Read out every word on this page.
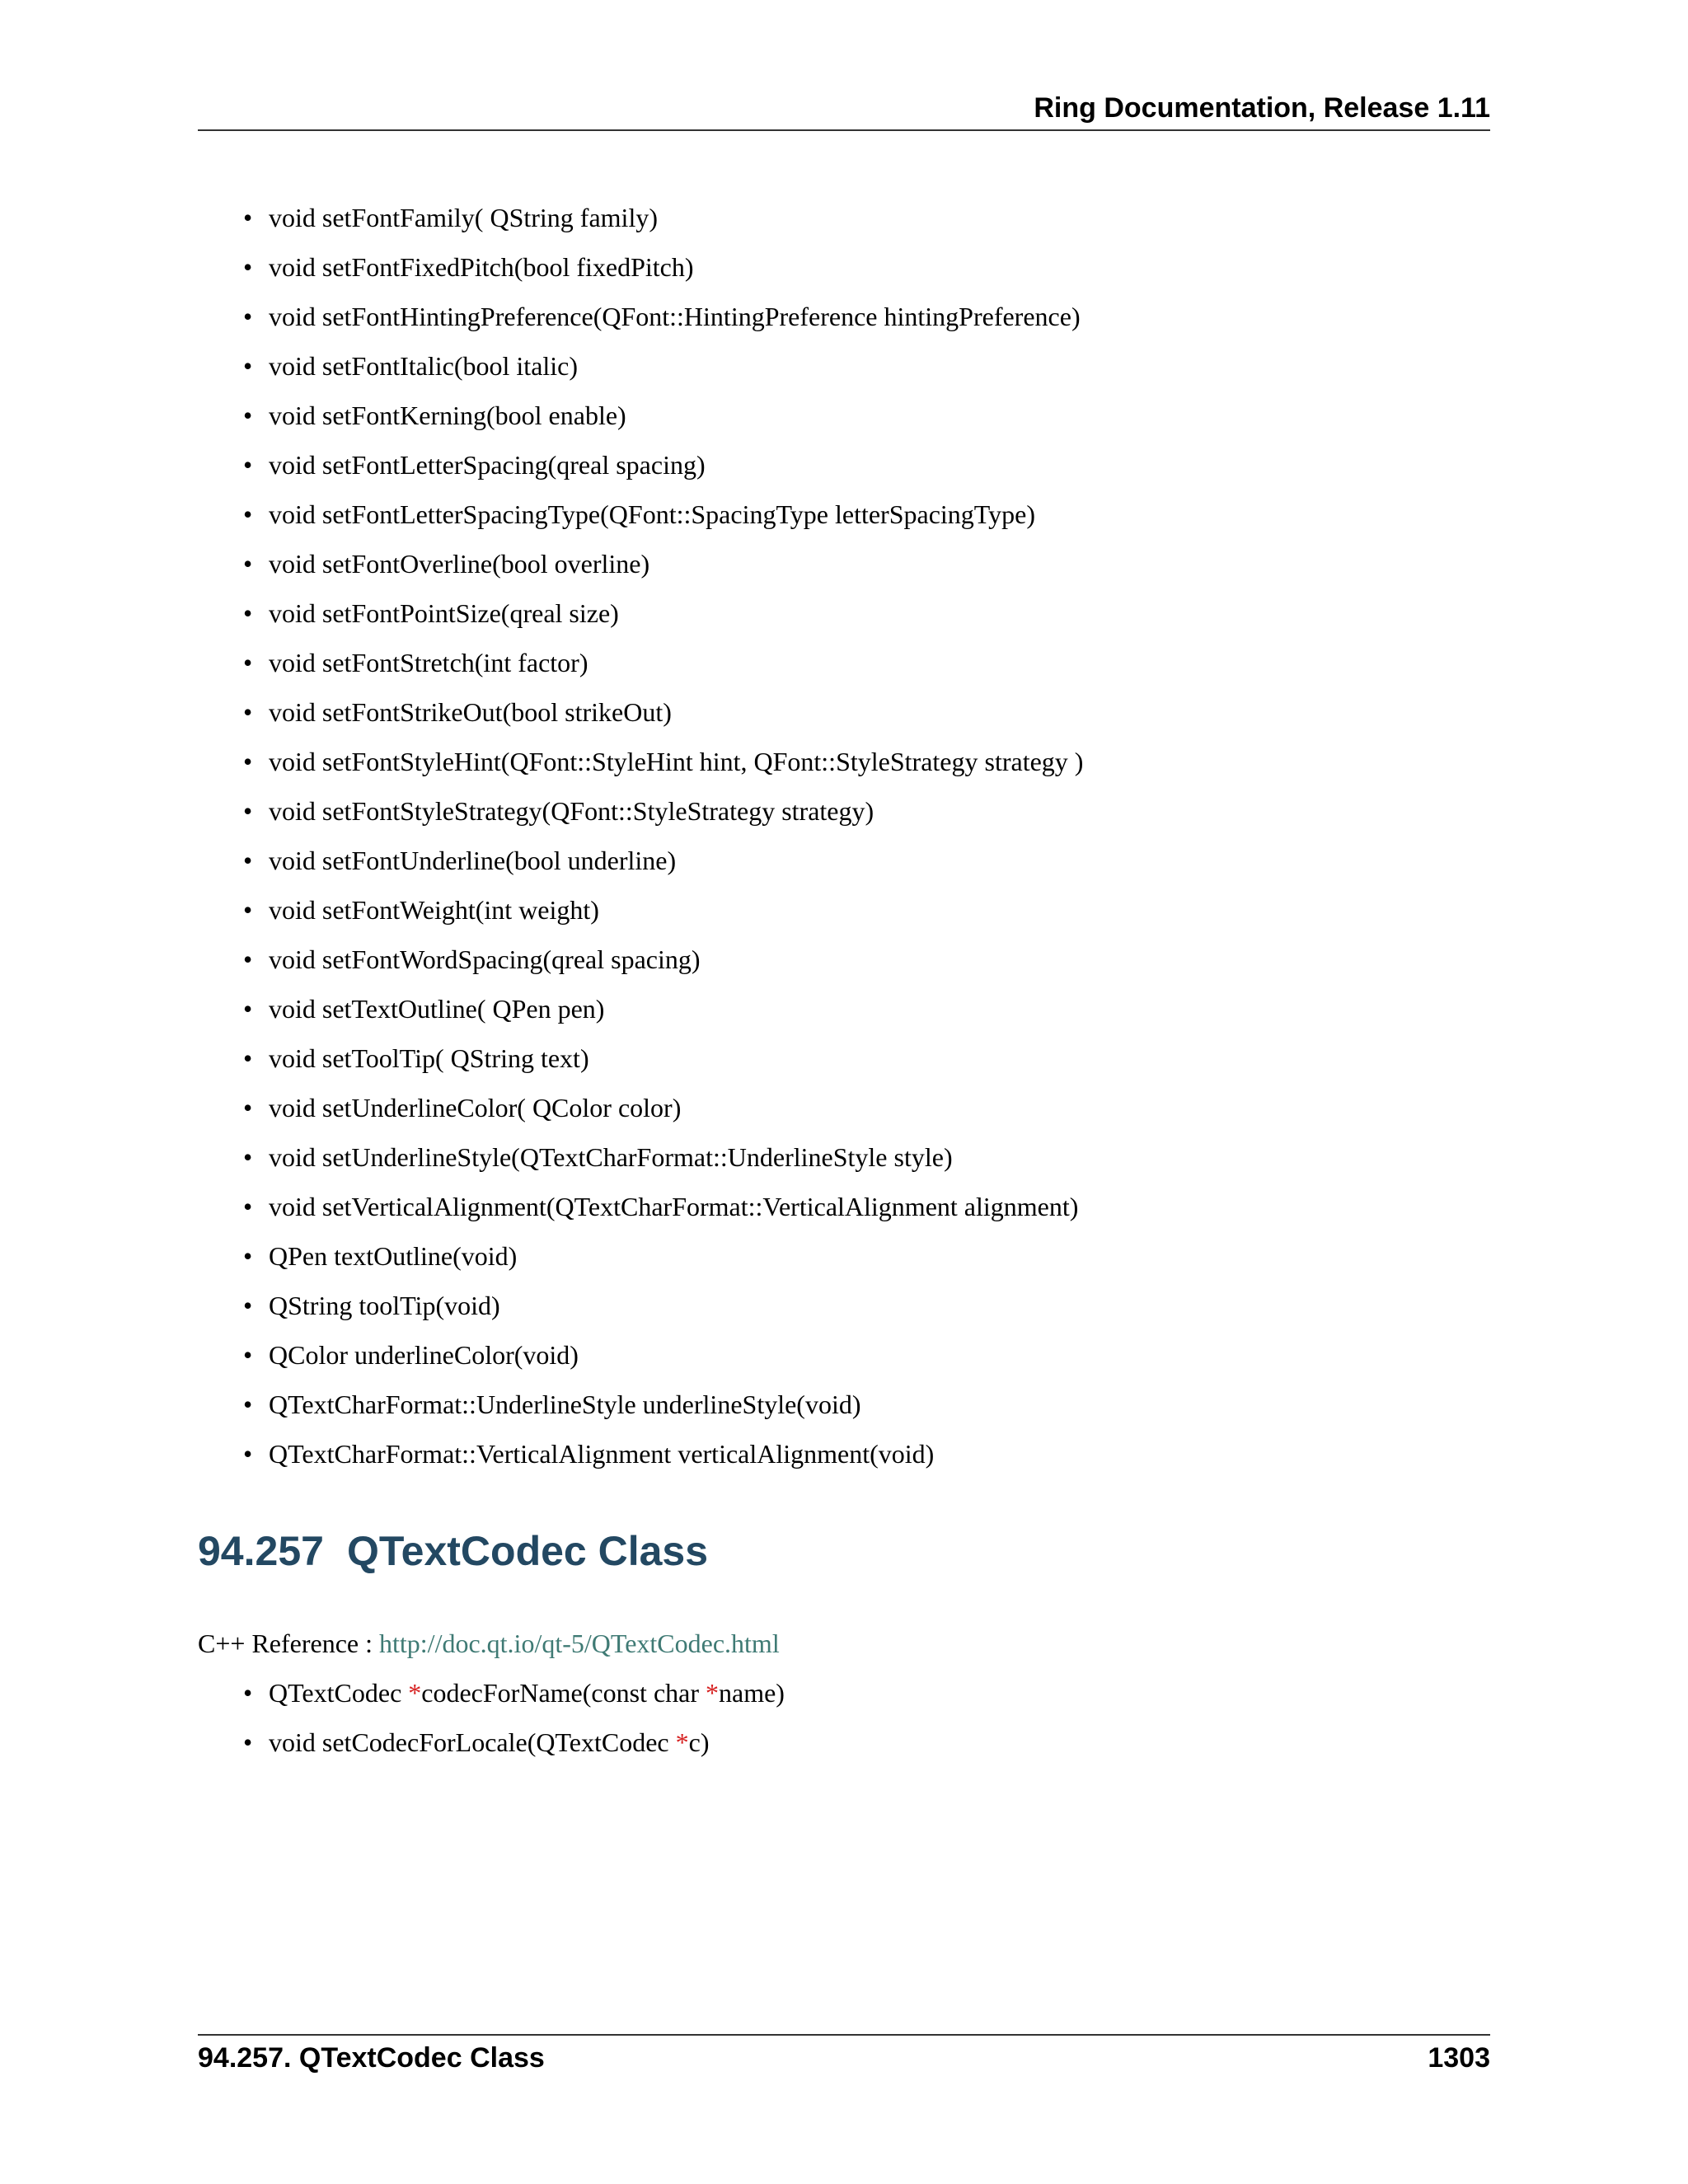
Ring Documentation, Release 1.11
• void setFontFamily( QString family)
• void setFontFixedPitch(bool fixedPitch)
• void setFontHintingPreference(QFont::HintingPreference hintingPreference)
• void setFontItalic(bool italic)
• void setFontKerning(bool enable)
• void setFontLetterSpacing(qreal spacing)
• void setFontLetterSpacingType(QFont::SpacingType letterSpacingType)
• void setFontOverline(bool overline)
• void setFontPointSize(qreal size)
• void setFontStretch(int factor)
• void setFontStrikeOut(bool strikeOut)
• void setFontStyleHint(QFont::StyleHint hint, QFont::StyleStrategy strategy )
• void setFontStyleStrategy(QFont::StyleStrategy strategy)
• void setFontUnderline(bool underline)
• void setFontWeight(int weight)
• void setFontWordSpacing(qreal spacing)
• void setTextOutline( QPen pen)
• void setToolTip( QString text)
• void setUnderlineColor( QColor color)
• void setUnderlineStyle(QTextCharFormat::UnderlineStyle style)
• void setVerticalAlignment(QTextCharFormat::VerticalAlignment alignment)
• QPen textOutline(void)
• QString toolTip(void)
• QColor underlineColor(void)
• QTextCharFormat::UnderlineStyle underlineStyle(void)
• QTextCharFormat::VerticalAlignment verticalAlignment(void)
94.257 QTextCodec Class
C++ Reference : http://doc.qt.io/qt-5/QTextCodec.html
• QTextCodec *codecForName(const char *name)
• void setCodecForLocale(QTextCodec *c)
94.257. QTextCodec Class	1303
